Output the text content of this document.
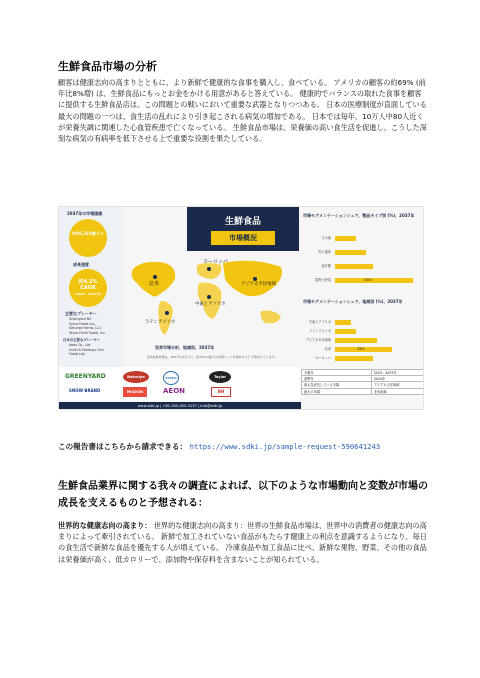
生鮮食品市場の分析
顧客は健康志向の高まりとともに、より新鮮で健康的な食事を購入し、食べている。 アメリカの顧客の約69% (前年比8%増) は、生鮮食品にもっとお金をかける用意があると答えている。 健康的でバランスの取れた食事を顧客に提供する生鮮食品店は、この問題との戦いにおいて重要な武器となりつつある。 日本の医療制度が直面している最大の問題の一つは、食生活の乱れにより引き起こされる病気の増加である。 日本では毎年、10万人中80人近くが栄養失調に関連した心血管疾患で亡くなっている。 生鮮食品市場は、栄養価の高い食生活を促進し、こうした深刻な病気の有病率を低下させる上で重要な役割を果たしている。
2037年の市場価値
約95,310億ドル
成長速度
約4.2%
CAGR
(2025 - 2037年)
主要なプレーヤー
Greenyard NV
Sysco Foods Inc.,
Naturipe Farms, LLC
Taylor Fresh Foods, Inc.
日本の主要なプレーヤー
Aeon Co., Ltd.
Izumi & Holdings Chin
Foods Ltd.
生鮮食品
市場概況
北米
ヨーロッパ
アジア太平洋地域
中東とアフリカ
ラテンアメリカ
世界市場分析、地域別、2037年
北米地域市場は、2037年末までに、約33%の最大の市場シェアを保持すると予想されています。
市場セグメンテーションシェア、製品タイプ別 (%)、2037年
その他
肉と鶏肉
魚介類
果物と野菜	45%
市場セグメンテーションシェア、地域別 (%)、2037年
中東とアフリカ
ラテンアメリカ
アジア太平洋地域
北米	33%
ヨーロッパ
予測年	2025 - 2037年
基準年	2024年
最も急成長している市場	アジア太平洋地域
最大の市場	北米地域
GREENYARD	Naturipe	SYSCO	Taylor
SNOW BRAND	MISSION	AEON	NH
www.sdki.jp | +81-505-050-5237 | info@sdki.jp
この報告書はこちらから請求できる： https://www.sdki.jp/sample-request-590641243
生鮮食品業界に関する我々の調査によれば、以下のような市場動向と変数が市場の成長を支えるものと予想される：
世界的な健康志向の高まり： 世界的な健康志向の高まり：世界の生鮮食品市場は、世界中の消費者の健康志向の高まりによって牽引されている。 新鮮で加工されていない食品がもたらす健康上の利点を意識するようになり、毎日の食生活で新鮮な食品を優先する人が増えている。 冷凍食品や加工食品に比べ、新鮮な果物、野菜、その他の食品は栄養価が高く、低カロリーで、添加物や保存料を含まないことが知られている。
